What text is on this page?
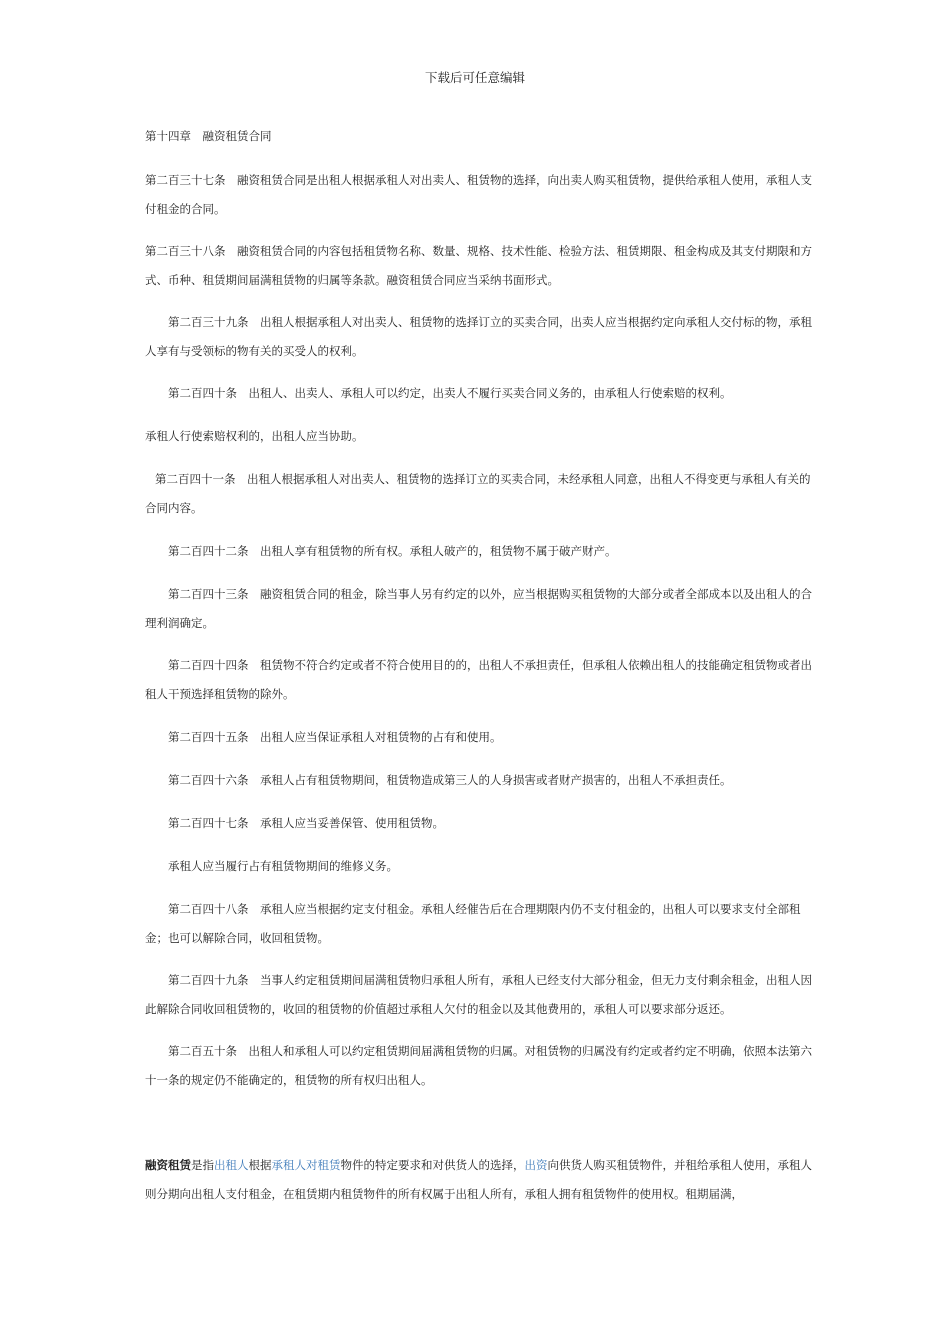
下载后可任意编辑
第十四章　融资租赁合同
第二百三十七条　融资租赁合同是出租人根据承租人对出卖人、租赁物的选择，向出卖人购买租赁物，提供给承租人使用，承租人支付租金的合同。
第二百三十八条　融资租赁合同的内容包括租赁物名称、数量、规格、技术性能、检验方法、租赁期限、租金构成及其支付期限和方式、币种、租赁期间届满租赁物的归属等条款。融资租赁合同应当采纳书面形式。
第二百三十九条　出租人根据承租人对出卖人、租赁物的选择订立的买卖合同，出卖人应当根据约定向承租人交付标的物，承租人享有与受领标的物有关的买受人的权利。
第二百四十条　出租人、出卖人、承租人可以约定，出卖人不履行买卖合同义务的，由承租人行使索赔的权利。
承租人行使索赔权利的，出租人应当协助。
第二百四十一条　出租人根据承租人对出卖人、租赁物的选择订立的买卖合同，未经承租人同意，出租人不得变更与承租人有关的合同内容。
第二百四十二条　出租人享有租赁物的所有权。承租人破产的，租赁物不属于破产财产。
第二百四十三条　融资租赁合同的租金，除当事人另有约定的以外，应当根据购买租赁物的大部分或者全部成本以及出租人的合理利润确定。
第二百四十四条　租赁物不符合约定或者不符合使用目的的，出租人不承担责任，但承租人依赖出租人的技能确定租赁物或者出租人干预选择租赁物的除外。
第二百四十五条　出租人应当保证承租人对租赁物的占有和使用。
第二百四十六条　承租人占有租赁物期间，租赁物造成第三人的人身损害或者财产损害的，出租人不承担责任。
第二百四十七条　承租人应当妥善保管、使用租赁物。
承租人应当履行占有租赁物期间的维修义务。
第二百四十八条　承租人应当根据约定支付租金。承租人经催告后在合理期限内仍不支付租金的，出租人可以要求支付全部租金；也可以解除合同，收回租赁物。
第二百四十九条　当事人约定租赁期间届满租赁物归承租人所有，承租人已经支付大部分租金，但无力支付剩余租金，出租人因此解除合同收回租赁物的，收回的租赁物的价值超过承租人欠付的租金以及其他费用的，承租人可以要求部分返还。
第二百五十条　出租人和承租人可以约定租赁期间届满租赁物的归属。对租赁物的归属没有约定或者约定不明确，依照本法第六十一条的规定仍不能确定的，租赁物的所有权归出租人。
融资租赁是指出租人根据承租人对租赁物件的特定要求和对供货人的选择，出资向供货人购买租赁物件，并租给承租人使用，承租人则分期向出租人支付租金，在租赁期内租赁物件的所有权属于出租人所有，承租人拥有租赁物件的使用权。租期届满，
